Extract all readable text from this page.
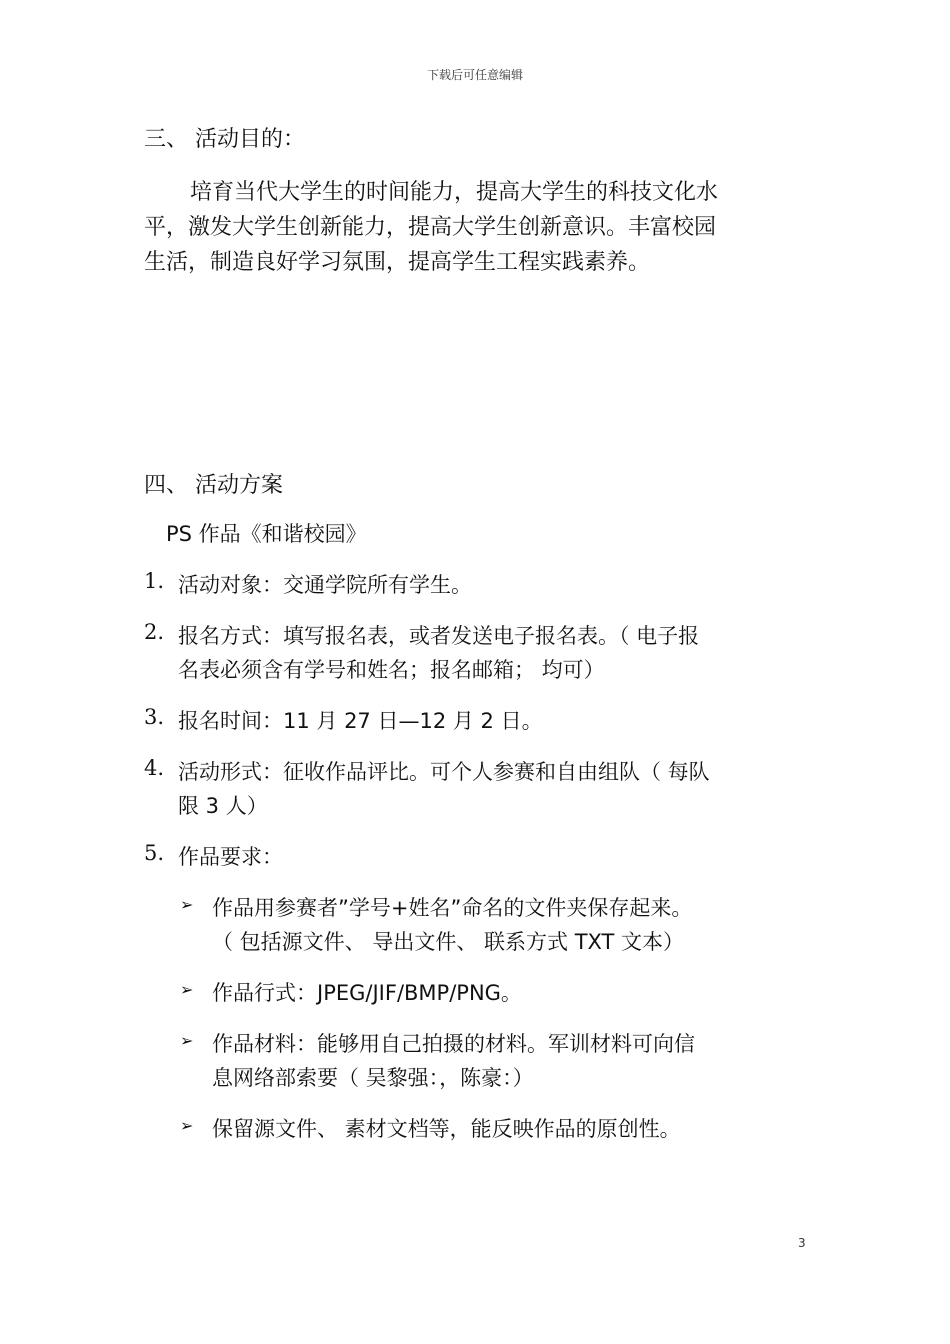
下载后可任意编辑
三、 活动目的：
培育当代大学生的时间能力，提高大学生的科技文化水
平，激发大学生创新能力，提高大学生创新意识。丰富校园
生活，制造良好学习氛围，提高学生工程实践素养。
四、 活动方案
PS 作品《和谐校园》
1. 活动对象：交通学院所有学生。
2. 报名方式：填写报名表，或者发送电子报名表。（ 电子报
名表必须含有学号和姓名；报名邮箱； 均可）
3. 报名时间：11 月 27 日—12 月 2 日。
4. 活动形式：征收作品评比。可个人参赛和自由组队（ 每队
限 3 人）
5. 作品要求：
➢ 作品用参赛者”学号+姓名”命名的文件夹保存起来。
（ 包括源文件、 导出文件、 联系方式 TXT 文本）
➢ 作品行式：JPEG/JIF/BMP/PNG。
➢ 作品材料：能够用自己拍摄的材料。军训材料可向信
息网络部索要（ 吴黎强：，陈豪：）
➢ 保留源文件、 素材文档等，能反映作品的原创性。
3
